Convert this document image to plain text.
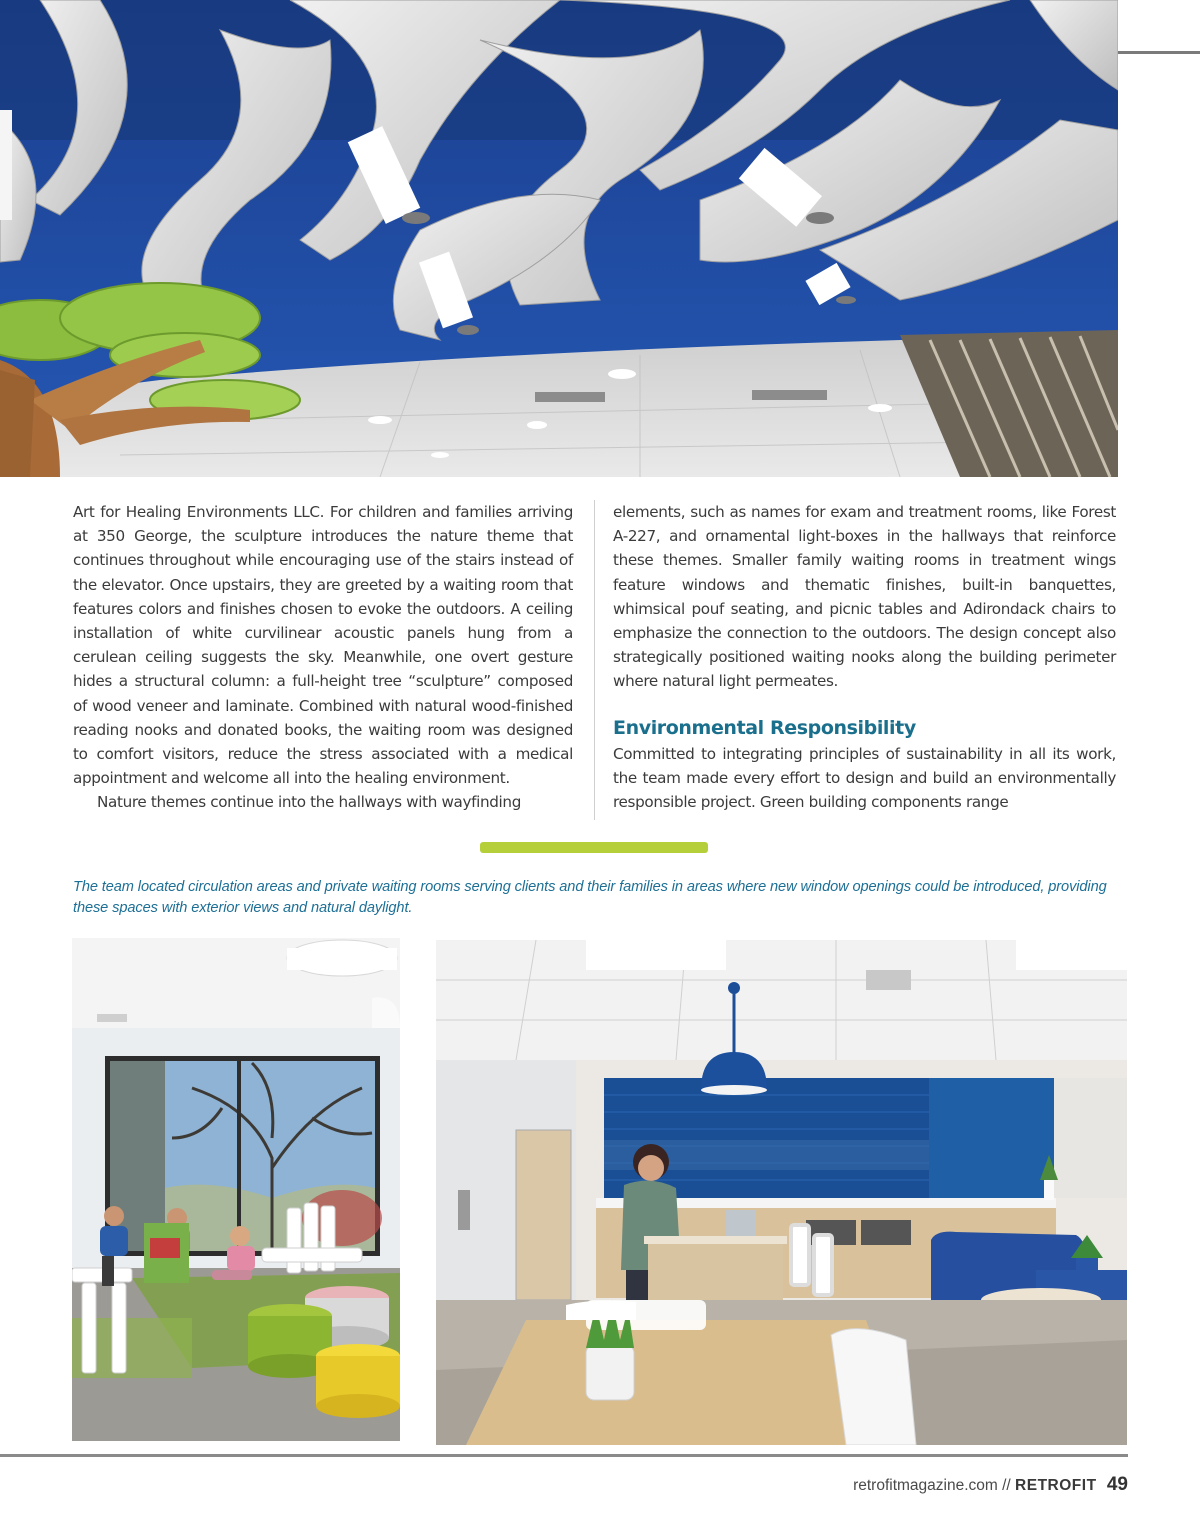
Art for Healing Environments LLC. For children and families arriving at 350 George, the sculpture introduces the nature theme that continues throughout while encouraging use of the stairs instead of the elevator. Once upstairs, they are greeted by a waiting room that features colors and finishes chosen to evoke the outdoors. A ceiling installation of white curvilinear acoustic panels hung from a cerulean ceiling suggests the sky. Meanwhile, one overt gesture hides a structural column: a full-height tree “sculpture” composed of wood veneer and laminate. Combined with natural wood-finished reading nooks and donated books, the waiting room was designed to comfort visitors, reduce the stress associated with a medical appointment and welcome all into the healing environment.

Nature themes continue into the hallways with wayfinding

elements, such as names for exam and treatment rooms, like Forest A-227, and ornamental light-boxes in the hallways that reinforce these themes. Smaller family waiting rooms in treatment wings feature windows and thematic finishes, built-in banquettes, whimsical pouf seating, and picnic tables and Adirondack chairs to emphasize the connection to the outdoors. The design concept also strategically positioned waiting nooks along the building perimeter where natural light permeates.

Environmental Responsibility

Committed to integrating principles of sustainability in all its work, the team made every effort to design and build an environmentally responsible project. Green building components range

The team located circulation areas and private waiting rooms serving clients and their families in areas where new window openings could be introduced, providing these spaces with exterior views and natural daylight.
retrofitmagazine.com // RETROFIT 49
